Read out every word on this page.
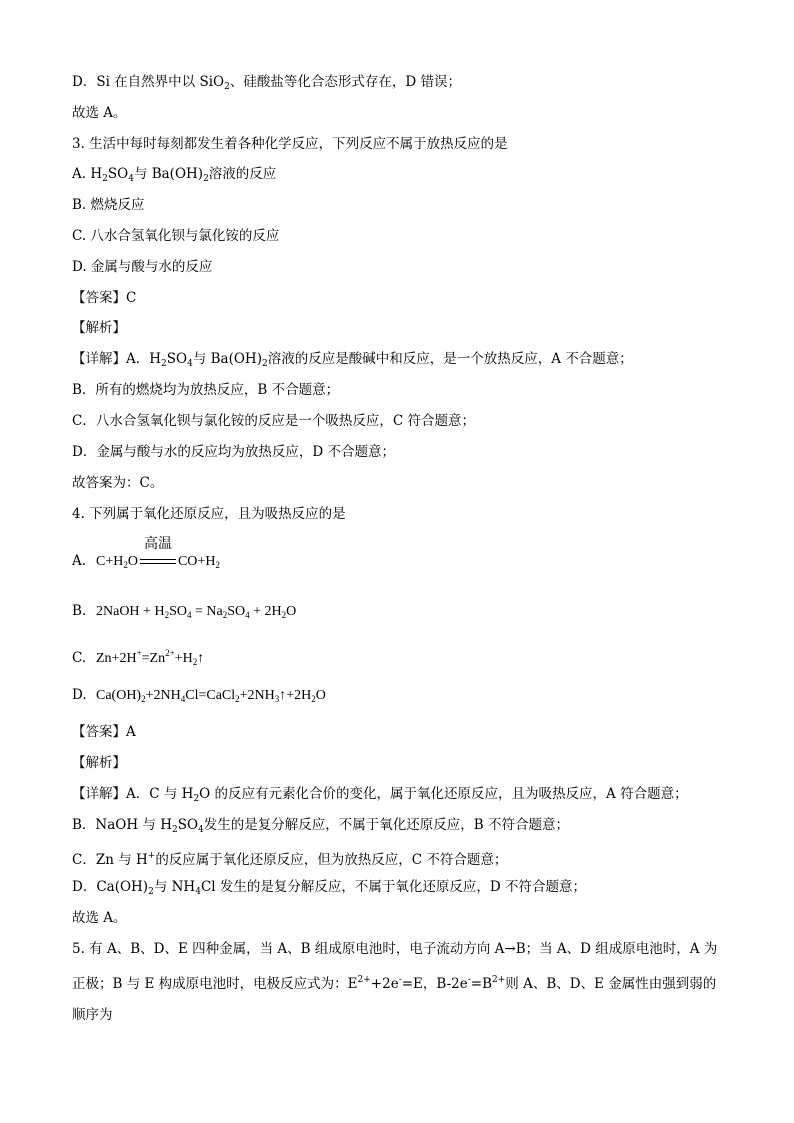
D．Si 在自然界中以 SiO$_2$、硅酸盐等化合态形式存在，D 错误；
故选 A。
3. 生活中每时每刻都发生着各种化学反应，下列反应不属于放热反应的是
A. $H_2SO_4$与 $Ba(OH)_2$溶液的反应
B. 燃烧反应
C. 八水合氢氧化钡与氯化铵的反应
D. 金属与酸与水的反应
【答案】C
【解析】
【详解】A．$H_2SO_4$与 $Ba(OH)_2$溶液的反应是酸碱中和反应，是一个放热反应，A 不合题意；
B．所有的燃烧均为放热反应，B 不合题意；
C．八水合氢氧化钡与氯化铵的反应是一个吸热反应，C 符合题意；
D．金属与酸与水的反应均为放热反应，D 不合题意；
故答案为：C。
4. 下列属于氧化还原反应，且为吸热反应的是
A. $C+H_2O$
高温
$CO+H_2$
B. 2NaOH + $H_2SO_4 = Na_2SO_4 + 2H_2O$
C. $Zn+2H^+=Zn^{2+}+H_2↑$
D. $Ca(OH)_2+2NH_4Cl=CaCl_2+2NH_3↑+2H_2O$
【答案】A
【解析】
【详解】A．C 与 $H_2O$ 的反应有元素化合价的变化，属于氧化还原反应，且为吸热反应，A 符合题意；
B．NaOH 与 $H_2SO_4$发生的是复分解反应，不属于氧化还原反应，B 不符合题意；
C．Zn 与 H+的反应属于氧化还原反应，但为放热反应，C 不符合题意；
D．$Ca(OH)_2$与 $NH_4Cl$ 发生的是复分解反应，不属于氧化还原反应，D 不符合题意；
故选 A。
5. 有 A、B、D、E 四种金属，当 A、B 组成原电池时，电子流动方向 A→B；当 A、D 组成原电池时，A 为正极；B 与 E 构成原电池时，电极反应式为：$E^{2+}+2e^-=E$，$B-2e^-=B^{2+}$则 A、B、D、E 金属性由强到弱的顺序为
